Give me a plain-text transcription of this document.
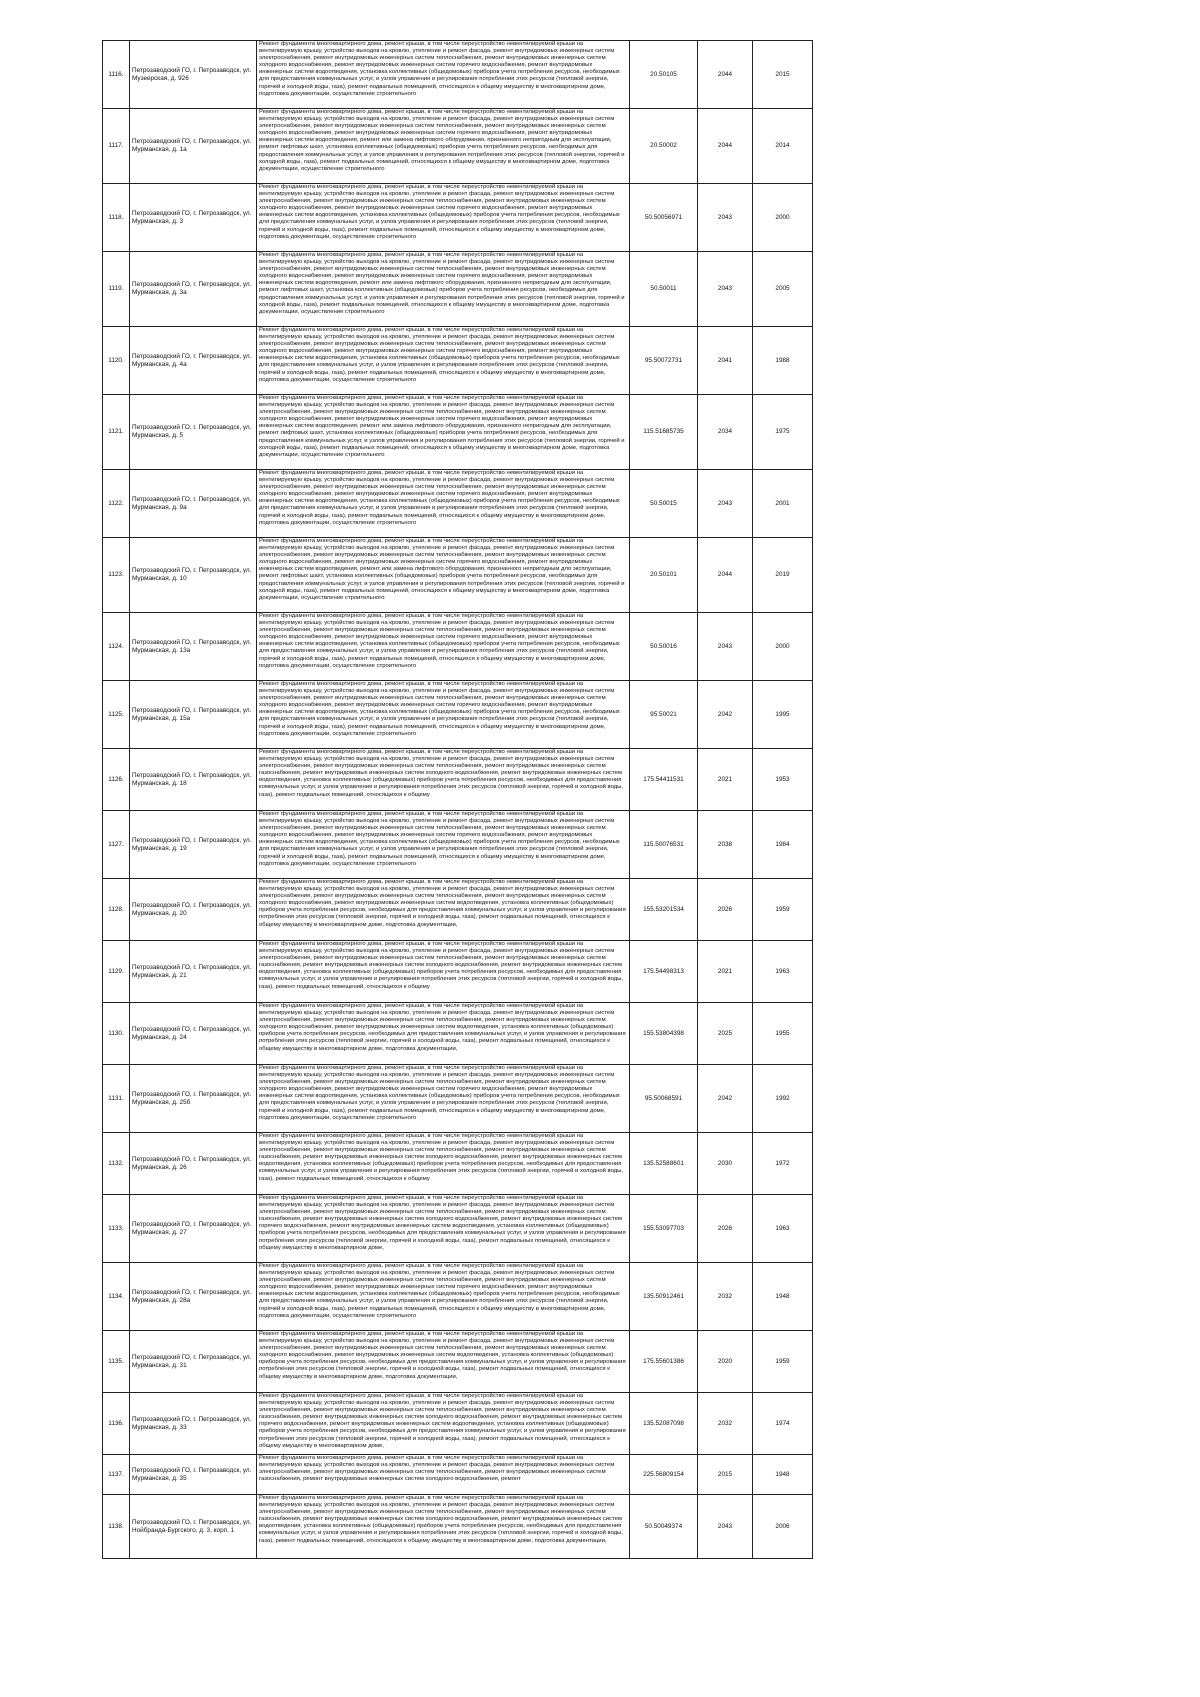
1116.	Петрозаводский ГО, г. Петрозаводск, ул. Музеерская, д. 926	Ремонт фундамента многоквартирного дома, ремонт крыши, в том числе переустройство невентилируемой крыши на вентилируемую крышу, устройство выходов на кровлю, утепление и ремонт фасада, ремонт внутридомовых инженерных систем электроснабжения, ремонт внутридомовых инженерных систем теплоснабжения, ремонт внутридомовых инженерных систем холодного водоснабжения, ремонт внутридомовых инженерных систем горячего водоснабжения, ремонт внутридомовых инженерных систем водоотведения, установка коллективных (общедомовых) приборов учета потребления ресурсов, необходимых для предоставления коммунальных услуг, и узлов управления и регулирования потребления этих ресурсов (тепловой энергии, горячей и холодной воды, газа), ремонт подвальных помещений, относящихся к общему имуществу в многоквартирном доме, подготовка документации, осуществление строительного	20.50105	2044	2015
1117.	Петрозаводский ГО, г. Петрозаводск, ул. Мурманская, д. 1а	Ремонт фундамента многоквартирного дома, ремонт крыши, в том числе переустройство невентилируемой крыши на вентилируемую крышу, устройство выходов на кровлю, утепление и ремонт фасада, ремонт внутридомовых инженерных систем электроснабжения, ремонт внутридомовых инженерных систем теплоснабжения, ремонт внутридомовых инженерных систем холодного водоснабжения, ремонт внутридомовых инженерных систем горячего водоснабжения, ремонт внутридомовых инженерных систем водоотведения, ремонт или замена лифтового оборудования, признанного непригодным для эксплуатации, ремонт лифтовых шахт, установка коллективных (общедомовых) приборов учета потребления ресурсов, необходимых для предоставления коммунальных услуг, и узлов управления и регулирования потребления этих ресурсов (тепловой энергии, горячей и холодной воды, газа), ремонт подвальных помещений, относящихся к общему имуществу в многоквартирном доме, подготовка документации, осуществление строительного	20.50002	2044	2014
1118.	Петрозаводский ГО, г. Петрозаводск, ул. Мурманская, д. 3	Ремонт фундамента многоквартирного дома, ремонт крыши, в том числе переустройство невентилируемой крыши на вентилируемую крышу, устройство выходов на кровлю, утепление и ремонт фасада, ремонт внутридомовых инженерных систем электроснабжения, ремонт внутридомовых инженерных систем теплоснабжения, ремонт внутридомовых инженерных систем холодного водоснабжения, ремонт внутридомовых инженерных систем горячего водоснабжения, ремонт внутридомовых инженерных систем водоотведения, установка коллективных (общедомовых) приборов учета потребления ресурсов, необходимых для предоставления коммунальных услуг, и узлов управления и регулирования потребления этих ресурсов (тепловой энергии, горячей и холодной воды, газа), ремонт подвальных помещений, относящихся к общему имуществу в многоквартирном доме, подготовка документации, осуществление строительного	50.50056971	2043	2000
1119.	Петрозаводский ГО, г. Петрозаводск, ул. Мурманская, д. 3а	Ремонт фундамента многоквартирного дома, ремонт крыши, в том числе переустройство невентилируемой крыши на вентилируемую крышу, устройство выходов на кровлю, утепление и ремонт фасада, ремонт внутридомовых инженерных систем электроснабжения, ремонт внутридомовых инженерных систем теплоснабжения, ремонт внутридомовых инженерных систем холодного водоснабжения, ремонт внутридомовых инженерных систем горячего водоснабжения, ремонт внутридомовых инженерных систем водоотведения, ремонт или замена лифтового оборудования, признанного непригодным для эксплуатации, ремонт лифтовых шахт, установка коллективных (общедомовых) приборов учета потребления ресурсов, необходимых для предоставления коммунальных услуг, и узлов управления и регулирования потребления этих ресурсов (тепловой энергии, горячей и холодной воды, газа), ремонт подвальных помещений, относящихся к общему имуществу в многоквартирном доме, подготовка документации, осуществление строительного	50.50011	2043	2005
1120.	Петрозаводский ГО, г. Петрозаводск, ул. Мурманская, д. 4а	Ремонт фундамента многоквартирного дома, ремонт крыши, в том числе переустройство невентилируемой крыши на вентилируемую крышу, устройство выходов на кровлю, утепление и ремонт фасада, ремонт внутридомовых инженерных систем электроснабжения, ремонт внутридомовых инженерных систем теплоснабжения, ремонт внутридомовых инженерных систем холодного водоснабжения, ремонт внутридомовых инженерных систем горячего водоснабжения, ремонт внутридомовых инженерных систем водоотведения, установка коллективных (общедомовых) приборов учета потребления ресурсов, необходимых для предоставления коммунальных услуг, и узлов управления и регулирования потребления этих ресурсов (тепловой энергии, горячей и холодной воды, газа), ремонт подвальных помещений, относящихся к общему имуществу в многоквартирном доме, подготовка документации, осуществление строительного	95.50072731	2041	1988
1121.	Петрозаводский ГО, г. Петрозаводск, ул. Мурманская, д. 5	Ремонт фундамента многоквартирного дома, ремонт крыши, в том числе переустройство невентилируемой крыши на вентилируемую крышу, устройство выходов на кровлю, утепление и ремонт фасада, ремонт внутридомовых инженерных систем электроснабжения, ремонт внутридомовых инженерных систем теплоснабжения, ремонт внутридомовых инженерных систем холодного водоснабжения, ремонт внутридомовых инженерных систем горячего водоснабжения, ремонт внутридомовых инженерных систем водоотведения, ремонт или замена лифтового оборудования, признанного непригодным для эксплуатации, ремонт лифтовых шахт, установка коллективных (общедомовых) приборов учета потребления ресурсов, необходимых для предоставления коммунальных услуг, и узлов управления и регулирования потребления этих ресурсов (тепловой энергии, горячей и холодной воды, газа), ремонт подвальных помещений, относящихся к общему имуществу в многоквартирном доме, подготовка документации, осуществление строительного	115.51685735	2034	1975
1122.	Петрозаводский ГО, г. Петрозаводск, ул. Мурманская, д. 9а	Ремонт фундамента многоквартирного дома, ремонт крыши, в том числе переустройство невентилируемой крыши на вентилируемую крышу, устройство выходов на кровлю, утепление и ремонт фасада, ремонт внутридомовых инженерных систем электроснабжения, ремонт внутридомовых инженерных систем теплоснабжения, ремонт внутридомовых инженерных систем холодного водоснабжения, ремонт внутридомовых инженерных систем горячего водоснабжения, ремонт внутридомовых инженерных систем водоотведения, установка коллективных (общедомовых) приборов учета потребления ресурсов, необходимых для предоставления коммунальных услуг, и узлов управления и регулирования потребления этих ресурсов (тепловой энергии, горячей и холодной воды, газа), ремонт подвальных помещений, относящихся к общему имуществу в многоквартирном доме, подготовка документации, осуществление строительного	50.50015	2043	2001
1123.	Петрозаводский ГО, г. Петрозаводск, ул. Мурманская, д. 10	Ремонт фундамента многоквартирного дома, ремонт крыши, в том числе переустройство невентилируемой крыши на вентилируемую крышу, устройство выходов на кровлю, утепление и ремонт фасада, ремонт внутридомовых инженерных систем электроснабжения, ремонт внутридомовых инженерных систем теплоснабжения, ремонт внутридомовых инженерных систем холодного водоснабжения, ремонт внутридомовых инженерных систем горячего водоснабжения, ремонт внутридомовых инженерных систем водоотведения, ремонт или замена лифтового оборудования, признанного непригодным для эксплуатации, ремонт лифтовых шахт, установка коллективных (общедомовых) приборов учета потребления ресурсов, необходимых для предоставления коммунальных услуг, и узлов управления и регулирования потребления этих ресурсов (тепловой энергии, горячей и холодной воды, газа), ремонт подвальных помещений, относящихся к общему имуществу в многоквартирном доме, подготовка документации, осуществление строительного	20.50101	2044	2019
1124.	Петрозаводский ГО, г. Петрозаводск, ул. Мурманская, д. 13а	Ремонт фундамента многоквартирного дома, ремонт крыши, в том числе переустройство невентилируемой крыши на вентилируемую крышу, устройство выходов на кровлю, утепление и ремонт фасада, ремонт внутридомовых инженерных систем электроснабжения, ремонт внутридомовых инженерных систем теплоснабжения, ремонт внутридомовых инженерных систем холодного водоснабжения, ремонт внутридомовых инженерных систем горячего водоснабжения, ремонт внутридомовых инженерных систем водоотведения, установка коллективных (общедомовых) приборов учета потребления ресурсов, необходимых для предоставления коммунальных услуг, и узлов управления и регулирования потребления этих ресурсов (тепловой энергии, горячей и холодной воды, газа), ремонт подвальных помещений, относящихся к общему имуществу в многоквартирном доме, подготовка документации, осуществление строительного	50.50016	2043	2000
1125.	Петрозаводский ГО, г. Петрозаводск, ул. Мурманская, д. 15а	Ремонт фундамента многоквартирного дома, ремонт крыши, в том числе переустройство невентилируемой крыши на вентилируемую крышу, устройство выходов на кровлю, утепление и ремонт фасада, ремонт внутридомовых инженерных систем электроснабжения, ремонт внутридомовых инженерных систем теплоснабжения, ремонт внутридомовых инженерных систем холодного водоснабжения, ремонт внутридомовых инженерных систем горячего водоснабжения, ремонт внутридомовых инженерных систем водоотведения, установка коллективных (общедомовых) приборов учета потребления ресурсов, необходимых для предоставления коммунальных услуг, и узлов управления и регулирования потребления этих ресурсов (тепловой энергии, горячей и холодной воды, газа), ремонт подвальных помещений, относящихся к общему имуществу в многоквартирном доме, подготовка документации, осуществление строительного	95.50021	2042	1995
1126.	Петрозаводский ГО, г. Петрозаводск, ул. Мурманская, д. 18	Ремонт фундамента многоквартирного дома, ремонт крыши, в том числе переустройство невентилируемой крыши на вентилируемую крышу, устройство выходов на кровлю, утепление и ремонт фасада, ремонт внутридомовых инженерных систем электроснабжения, ремонт внутридомовых инженерных систем теплоснабжения, ремонт внутридомовых инженерных систем газоснабжения, ремонт внутридомовых инженерных систем холодного водоснабжения, ремонт внутридомовых инженерных систем водоотведения, установка коллективных (общедомовых) приборов учета потребления ресурсов, необходимых для предоставления коммунальных услуг, и узлов управления и регулирования потребления этих ресурсов (тепловой энергии, горячей и холодной воды, газа), ремонт подвальных помещений, относящихся к общему	175.54411531	2021	1953
1127.	Петрозаводский ГО, г. Петрозаводск, ул. Мурманская, д. 19	Ремонт фундамента многоквартирного дома, ремонт крыши, в том числе переустройство невентилируемой крыши на вентилируемую крышу, устройство выходов на кровлю, утепление и ремонт фасада, ремонт внутридомовых инженерных систем электроснабжения, ремонт внутридомовых инженерных систем теплоснабжения, ремонт внутридомовых инженерных систем холодного водоснабжения, ремонт внутридомовых инженерных систем горячего водоснабжения, ремонт внутридомовых инженерных систем водоотведения, установка коллективных (общедомовых) приборов учета потребления ресурсов, необходимых для предоставления коммунальных услуг, и узлов управления и регулирования потребления этих ресурсов (тепловой энергии, горячей и холодной воды, газа), ремонт подвальных помещений, относящихся к общему имуществу в многоквартирном доме, подготовка документации, осуществление строительного	115.50076531	2038	1984
1128.	Петрозаводский ГО, г. Петрозаводск, ул. Мурманская, д. 20	Ремонт фундамента многоквартирного дома, ремонт крыши, в том числе переустройство невентилируемой крыши на вентилируемую крышу, устройство выходов на кровлю, утепление и ремонт фасада, ремонт внутридомовых инженерных систем электроснабжения, ремонт внутридомовых инженерных систем теплоснабжения, ремонт внутридомовых инженерных систем холодного водоснабжения, ремонт внутридомовых инженерных систем водоотведения, установка коллективных (общедомовых) приборов учета потребления ресурсов, необходимых для предоставления коммунальных услуг, и узлов управления и регулирования потребления этих ресурсов (тепловой энергии, горячей и холодной воды, газа), ремонт подвальных помещений, относящихся к общему имуществу в многоквартирном доме, подготовка документации,	155.53201534	2026	1959
1129.	Петрозаводский ГО, г. Петрозаводск, ул. Мурманская, д. 21	Ремонт фундамента многоквартирного дома, ремонт крыши, в том числе переустройство невентилируемой крыши на вентилируемую крышу, устройство выходов на кровлю, утепление и ремонт фасада, ремонт внутридомовых инженерных систем электроснабжения, ремонт внутридомовых инженерных систем теплоснабжения, ремонт внутридомовых инженерных систем газоснабжения, ремонт внутридомовых инженерных систем холодного водоснабжения, ремонт внутридомовых инженерных систем водоотведения, установка коллективных (общедомовых) приборов учета потребления ресурсов, необходимых для предоставления коммунальных услуг, и узлов управления и регулирования потребления этих ресурсов (тепловой энергии, горячей и холодной воды, газа), ремонт подвальных помещений, относящихся к общему	175.54498313	2021	1963
1130.	Петрозаводский ГО, г. Петрозаводск, ул. Мурманская, д. 24	Ремонт фундамента многоквартирного дома, ремонт крыши, в том числе переустройство невентилируемой крыши на вентилируемую крышу, устройство выходов на кровлю, утепление и ремонт фасада, ремонт внутридомовых инженерных систем электроснабжения, ремонт внутридомовых инженерных систем теплоснабжения, ремонт внутридомовых инженерных систем холодного водоснабжения, ремонт внутридомовых инженерных систем водоотведения, установка коллективных (общедомовых) приборов учета потребления ресурсов, необходимых для предоставления коммунальных услуг, и узлов управления и регулирования потребления этих ресурсов (тепловой энергии, горячей и холодной воды, газа), ремонт подвальных помещений, относящихся к общему имуществу в многоквартирном доме, подготовка документации,	155.53804398	2025	1955
1131.	Петрозаводский ГО, г. Петрозаводск, ул. Мурманская, д. 25б	Ремонт фундамента многоквартирного дома, ремонт крыши, в том числе переустройство невентилируемой крыши на вентилируемую крышу, устройство выходов на кровлю, утепление и ремонт фасада, ремонт внутридомовых инженерных систем электроснабжения, ремонт внутридомовых инженерных систем теплоснабжения, ремонт внутридомовых инженерных систем холодного водоснабжения, ремонт внутридомовых инженерных систем горячего водоснабжения, ремонт внутридомовых инженерных систем водоотведения, установка коллективных (общедомовых) приборов учета потребления ресурсов, необходимых для предоставления коммунальных услуг, и узлов управления и регулирования потребления этих ресурсов (тепловой энергии, горячей и холодной воды, газа), ремонт подвальных помещений, относящихся к общему имуществу в многоквартирном доме, подготовка документации, осуществление строительного	95.50068591	2042	1992
1132.	Петрозаводский ГО, г. Петрозаводск, ул. Мурманская, д. 26	Ремонт фундамента многоквартирного дома, ремонт крыши, в том числе переустройство невентилируемой крыши на вентилируемую крышу, устройство выходов на кровлю, утепление и ремонт фасада, ремонт внутридомовых инженерных систем электроснабжения, ремонт внутридомовых инженерных систем теплоснабжения, ремонт внутридомовых инженерных систем газоснабжения, ремонт внутридомовых инженерных систем холодного водоснабжения, ремонт внутридомовых инженерных систем водоотведения, установка коллективных (общедомовых) приборов учета потребления ресурсов, необходимых для предоставления коммунальных услуг, и узлов управления и регулирования потребления этих ресурсов (тепловой энергии, горячей и холодной воды, газа), ремонт подвальных помещений, относящихся к общему	135.52588601	2030	1972
1133.	Петрозаводский ГО, г. Петрозаводск, ул. Мурманская, д. 27	Ремонт фундамента многоквартирного дома, ремонт крыши, в том числе переустройство невентилируемой крыши на вентилируемую крышу, устройство выходов на кровлю, утепление и ремонт фасада, ремонт внутридомовых инженерных систем электроснабжения, ремонт внутридомовых инженерных систем теплоснабжения, ремонт внутридомовых инженерных систем газоснабжения, ремонт внутридомовых инженерных систем холодного водоснабжения, ремонт внутридомовых инженерных систем горячего водоснабжения, ремонт внутридомовых инженерных систем водоотведения, установка коллективных (общедомовых) приборов учета потребления ресурсов, необходимых для предоставления коммунальных услуг, и узлов управления и регулирования потребления этих ресурсов (тепловой энергии, горячей и холодной воды, газа), ремонт подвальных помещений, относящихся к общему имуществу в многоквартирном доме,	155.53097703	2026	1963
1134.	Петрозаводский ГО, г. Петрозаводск, ул. Мурманская, д. 28а	Ремонт фундамента многоквартирного дома, ремонт крыши, в том числе переустройство невентилируемой крыши на вентилируемую крышу, устройство выходов на кровлю, утепление и ремонт фасада, ремонт внутридомовых инженерных систем электроснабжения, ремонт внутридомовых инженерных систем теплоснабжения, ремонт внутридомовых инженерных систем холодного водоснабжения, ремонт внутридомовых инженерных систем горячего водоснабжения, ремонт внутридомовых инженерных систем водоотведения, установка коллективных (общедомовых) приборов учета потребления ресурсов, необходимых для предоставления коммунальных услуг, и узлов управления и регулирования потребления этих ресурсов (тепловой энергии, горячей и холодной воды, газа), ремонт подвальных помещений, относящихся к общему имуществу в многоквартирном доме, подготовка документации, осуществление строительного	135.50912461	2032	1948
1135.	Петрозаводский ГО, г. Петрозаводск, ул. Мурманская, д. 31	Ремонт фундамента многоквартирного дома, ремонт крыши, в том числе переустройство невентилируемой крыши на вентилируемую крышу, устройство выходов на кровлю, утепление и ремонт фасада, ремонт внутридомовых инженерных систем электроснабжения, ремонт внутридомовых инженерных систем теплоснабжения, ремонт внутридомовых инженерных систем холодного водоснабжения, ремонт внутридомовых инженерных систем водоотведения, установка коллективных (общедомовых) приборов учета потребления ресурсов, необходимых для предоставления коммунальных услуг, и узлов управления и регулирования потребления этих ресурсов (тепловой энергии, горячей и холодной воды, газа), ремонт подвальных помещений, относящихся к общему имуществу в многоквартирном доме, подготовка документации,	175.55601386	2020	1959
1136.	Петрозаводский ГО, г. Петрозаводск, ул. Мурманская, д. 33	Ремонт фундамента многоквартирного дома, ремонт крыши, в том числе переустройство невентилируемой крыши на вентилируемую крышу, устройство выходов на кровлю, утепление и ремонт фасада, ремонт внутридомовых инженерных систем электроснабжения, ремонт внутридомовых инженерных систем теплоснабжения, ремонт внутридомовых инженерных систем газоснабжения, ремонт внутридомовых инженерных систем холодного водоснабжения, ремонт внутридомовых инженерных систем горячего водоснабжения, ремонт внутридомовых инженерных систем водоотведения, установка коллективных (общедомовых) приборов учета потребления ресурсов, необходимых для предоставления коммунальных услуг, и узлов управления и регулирования потребления этих ресурсов (тепловой энергии, горячей и холодной воды, газа), ремонт подвальных помещений, относящихся к общему имуществу в многоквартирном доме,	135.52087098	2032	1974
1137.	Петрозаводский ГО, г. Петрозаводск, ул. Мурманская, д. 35	Ремонт фундамента многоквартирного дома, ремонт крыши, в том числе переустройство невентилируемой крыши на вентилируемую крышу, устройство выходов на кровлю, утепление и ремонт фасада, ремонт внутридомовых инженерных систем электроснабжения, ремонт внутридомовых инженерных систем теплоснабжения, ремонт внутридомовых инженерных систем газоснабжения, ремонт внутридомовых инженерных систем холодного водоснабжения, ремонт	225.56809154	2015	1948
1138.	Петрозаводский ГО, г. Петрозаводск, ул. Нойбранда-Бургского, д. 3, корп. 1	Ремонт фундамента многоквартирного дома, ремонт крыши, в том числе переустройство невентилируемой крыши на вентилируемую крышу, устройство выходов на кровлю, утепление и ремонт фасада, ремонт внутридомовых инженерных систем электроснабжения, ремонт внутридомовых инженерных систем теплоснабжения, ремонт внутридомовых инженерных систем газоснабжения, ремонт внутридомовых инженерных систем холодного водоснабжения, ремонт внутридомовых инженерных систем водоотведения, установка коллективных (общедомовых) приборов учета потребления ресурсов, необходимых для предоставления коммунальных услуг, и узлов управления и регулирования потребления этих ресурсов (тепловой энергии, горячей и холодной воды, газа), ремонт подвальных помещений, относящихся к общему имуществу в многоквартирном доме, подготовка документации,	50.50049374	2043	2006
